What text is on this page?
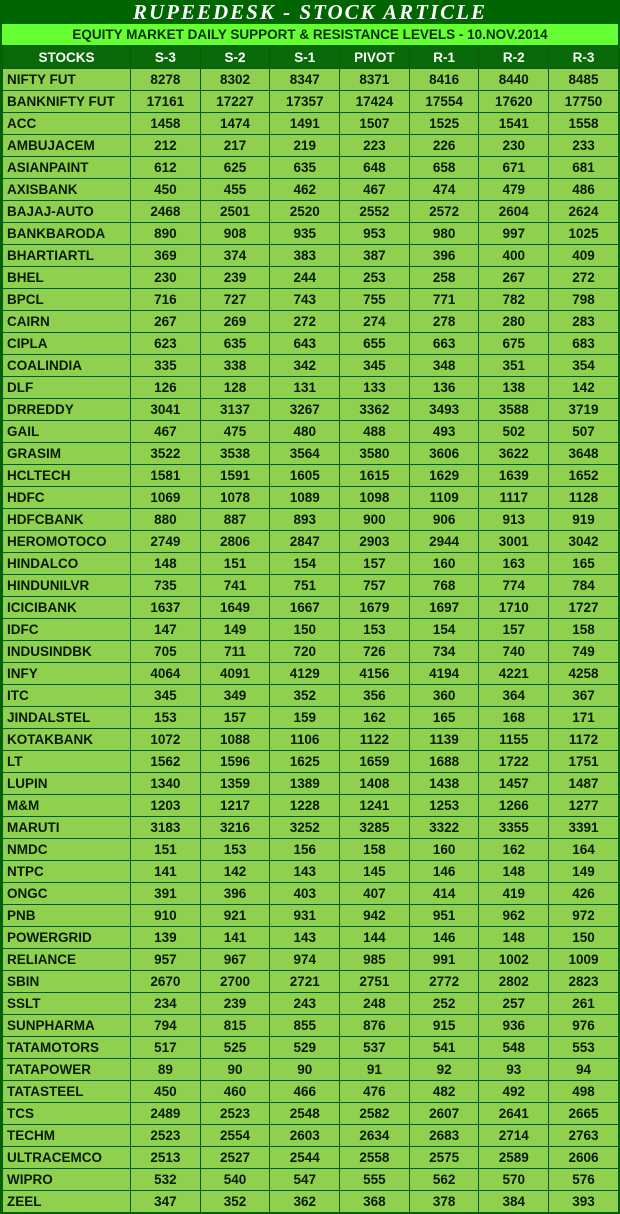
RUPEEDESK - STOCK ARTICLE
EQUITY MARKET DAILY SUPPORT & RESISTANCE LEVELS - 10.NOV.2014
STOCKS	S-3	S-2	S-1	PIVOT	R-1	R-2	R-3
NIFTY FUT	8278	8302	8347	8371	8416	8440	8485
BANKNIFTY FUT	17161	17227	17357	17424	17554	17620	17750
ACC	1458	1474	1491	1507	1525	1541	1558
AMBUJACEM	212	217	219	223	226	230	233
ASIANPAINT	612	625	635	648	658	671	681
AXISBANK	450	455	462	467	474	479	486
BAJAJ-AUTO	2468	2501	2520	2552	2572	2604	2624
BANKBARODA	890	908	935	953	980	997	1025
BHARTIARTL	369	374	383	387	396	400	409
BHEL	230	239	244	253	258	267	272
BPCL	716	727	743	755	771	782	798
CAIRN	267	269	272	274	278	280	283
CIPLA	623	635	643	655	663	675	683
COALINDIA	335	338	342	345	348	351	354
DLF	126	128	131	133	136	138	142
DRREDDY	3041	3137	3267	3362	3493	3588	3719
GAIL	467	475	480	488	493	502	507
GRASIM	3522	3538	3564	3580	3606	3622	3648
HCLTECH	1581	1591	1605	1615	1629	1639	1652
HDFC	1069	1078	1089	1098	1109	1117	1128
HDFCBANK	880	887	893	900	906	913	919
HEROMOTOCO	2749	2806	2847	2903	2944	3001	3042
HINDALCO	148	151	154	157	160	163	165
HINDUNILVR	735	741	751	757	768	774	784
ICICIBANK	1637	1649	1667	1679	1697	1710	1727
IDFC	147	149	150	153	154	157	158
INDUSINDBK	705	711	720	726	734	740	749
INFY	4064	4091	4129	4156	4194	4221	4258
ITC	345	349	352	356	360	364	367
JINDALSTEL	153	157	159	162	165	168	171
KOTAKBANK	1072	1088	1106	1122	1139	1155	1172
LT	1562	1596	1625	1659	1688	1722	1751
LUPIN	1340	1359	1389	1408	1438	1457	1487
M&M	1203	1217	1228	1241	1253	1266	1277
MARUTI	3183	3216	3252	3285	3322	3355	3391
NMDC	151	153	156	158	160	162	164
NTPC	141	142	143	145	146	148	149
ONGC	391	396	403	407	414	419	426
PNB	910	921	931	942	951	962	972
POWERGRID	139	141	143	144	146	148	150
RELIANCE	957	967	974	985	991	1002	1009
SBIN	2670	2700	2721	2751	2772	2802	2823
SSLT	234	239	243	248	252	257	261
SUNPHARMA	794	815	855	876	915	936	976
TATAMOTORS	517	525	529	537	541	548	553
TATAPOWER	89	90	90	91	92	93	94
TATASTEEL	450	460	466	476	482	492	498
TCS	2489	2523	2548	2582	2607	2641	2665
TECHM	2523	2554	2603	2634	2683	2714	2763
ULTRACEMCO	2513	2527	2544	2558	2575	2589	2606
WIPRO	532	540	547	555	562	570	576
ZEEL	347	352	362	368	378	384	393
